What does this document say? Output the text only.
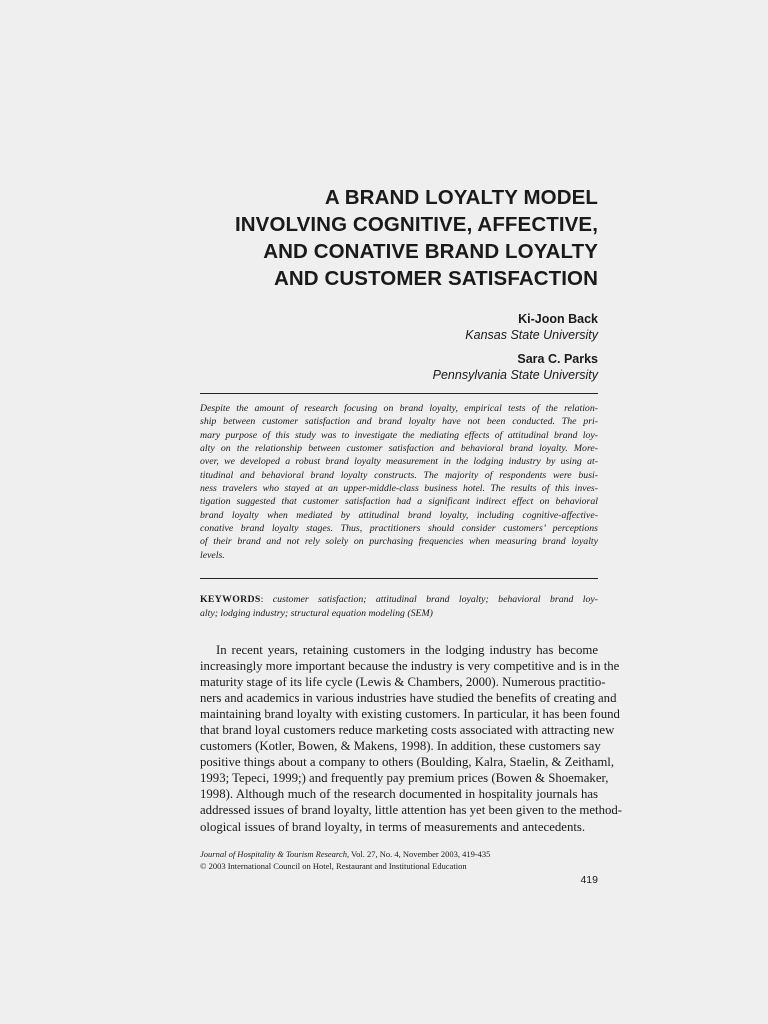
A BRAND LOYALTY MODEL
INVOLVING COGNITIVE, AFFECTIVE,
AND CONATIVE BRAND LOYALTY
AND CUSTOMER SATISFACTION
Ki-Joon Back
Kansas State University
Sara C. Parks
Pennsylvania State University
Despite the amount of research focusing on brand loyalty, empirical tests of the relation-
ship between customer satisfaction and brand loyalty have not been conducted. The pri-
mary purpose of this study was to investigate the mediating effects of attitudinal brand loy-
alty on the relationship between customer satisfaction and behavioral brand loyalty. More-
over, we developed a robust brand loyalty measurement in the lodging industry by using at-
titudinal and behavioral brand loyalty constructs. The majority of respondents were busi-
ness travelers who stayed at an upper-middle-class business hotel. The results of this inves-
tigation suggested that customer satisfaction had a significant indirect effect on behavioral
brand loyalty when mediated by attitudinal brand loyalty, including cognitive-affective-
conative brand loyalty stages. Thus, practitioners should consider customers’ perceptions
of their brand and not rely solely on purchasing frequencies when measuring brand loyalty
levels.
KEYWORDS: customer satisfaction; attitudinal brand loyalty; behavioral brand loy-
alty; lodging industry; structural equation modeling (SEM)
In recent years, retaining customers in the lodging industry has become
increasingly more important because the industry is very competitive and is in the
maturity stage of its life cycle (Lewis & Chambers, 2000). Numerous practitio-
ners and academics in various industries have studied the benefits of creating and
maintaining brand loyalty with existing customers. In particular, it has been found
that brand loyal customers reduce marketing costs associated with attracting new
customers (Kotler, Bowen, & Makens, 1998). In addition, these customers say
positive things about a company to others (Boulding, Kalra, Staelin, & Zeithaml,
1993; Tepeci, 1999;) and frequently pay premium prices (Bowen & Shoemaker,
1998). Although much of the research documented in hospitality journals has
addressed issues of brand loyalty, little attention has yet been given to the method-
ological issues of brand loyalty, in terms of measurements and antecedents.
Journal of Hospitality & Tourism Research, Vol. 27, No. 4, November 2003, 419-435
© 2003 International Council on Hotel, Restaurant and Institutional Education
419
